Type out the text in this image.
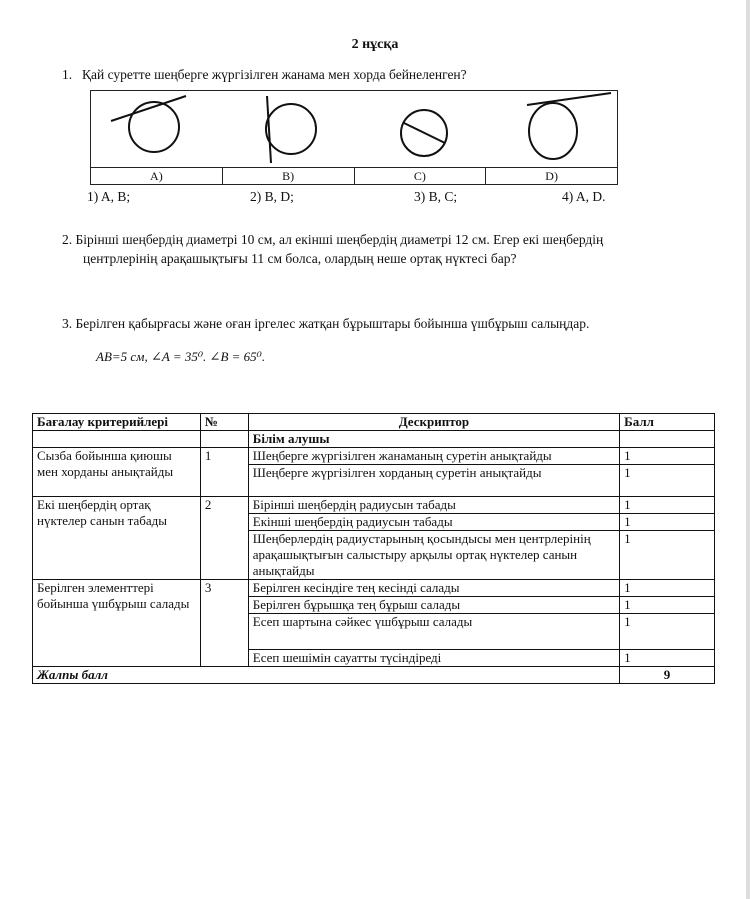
2 нұсқа
1. Қай суретте шеңберге жүргізілген жанама мен хорда бейнеленген?
A)	B)	C)	D)
1) A, B;	2) B, D;	3) B, C;	4) A, D.
2. Бірінші шеңбердің диаметрі 10 см, ал екінші шеңбердің диаметрі 12 см. Егер екі шеңбердің
центрлерінің арақашықтығы 11 см болса, олардың неше ортақ нүктесі бар?
3. Берілген қабырғасы және оған іргелес жатқан бұрыштары бойынша үшбұрыш салыңдар.
AB=5 см, ∠A = 35⁰. ∠B = 65⁰.
Бағалау критерийлері	№	Дескриптор	Балл
		Білім алушы	
Сызба бойынша қиюшы мен хорданы анықтайды	1	Шеңберге жүргізілген жанаманың суретін анықтайды	1
		Шеңберге жүргізілген хорданың суретін анықтайды	1
Екі шеңбердің ортақ нүктелер санын табады	2	Бірінші шеңбердің радиусын табады	1
		Екінші шеңбердің радиусын табады	1
		Шеңберлердің радиустарының қосындысы мен центрлерінің арақашықтығын салыстыру арқылы ортақ нүктелер санын анықтайды	1
Берілген элементтері бойынша үшбұрыш салады	3	Берілген кесіндіге тең кесінді салады	1
		Берілген бұрышқа тең бұрыш салады	1
		Есеп шартына сәйкес үшбұрыш салады	1
		Есеп шешімін сауатты түсіндіреді	1
Жалпы балл			9
